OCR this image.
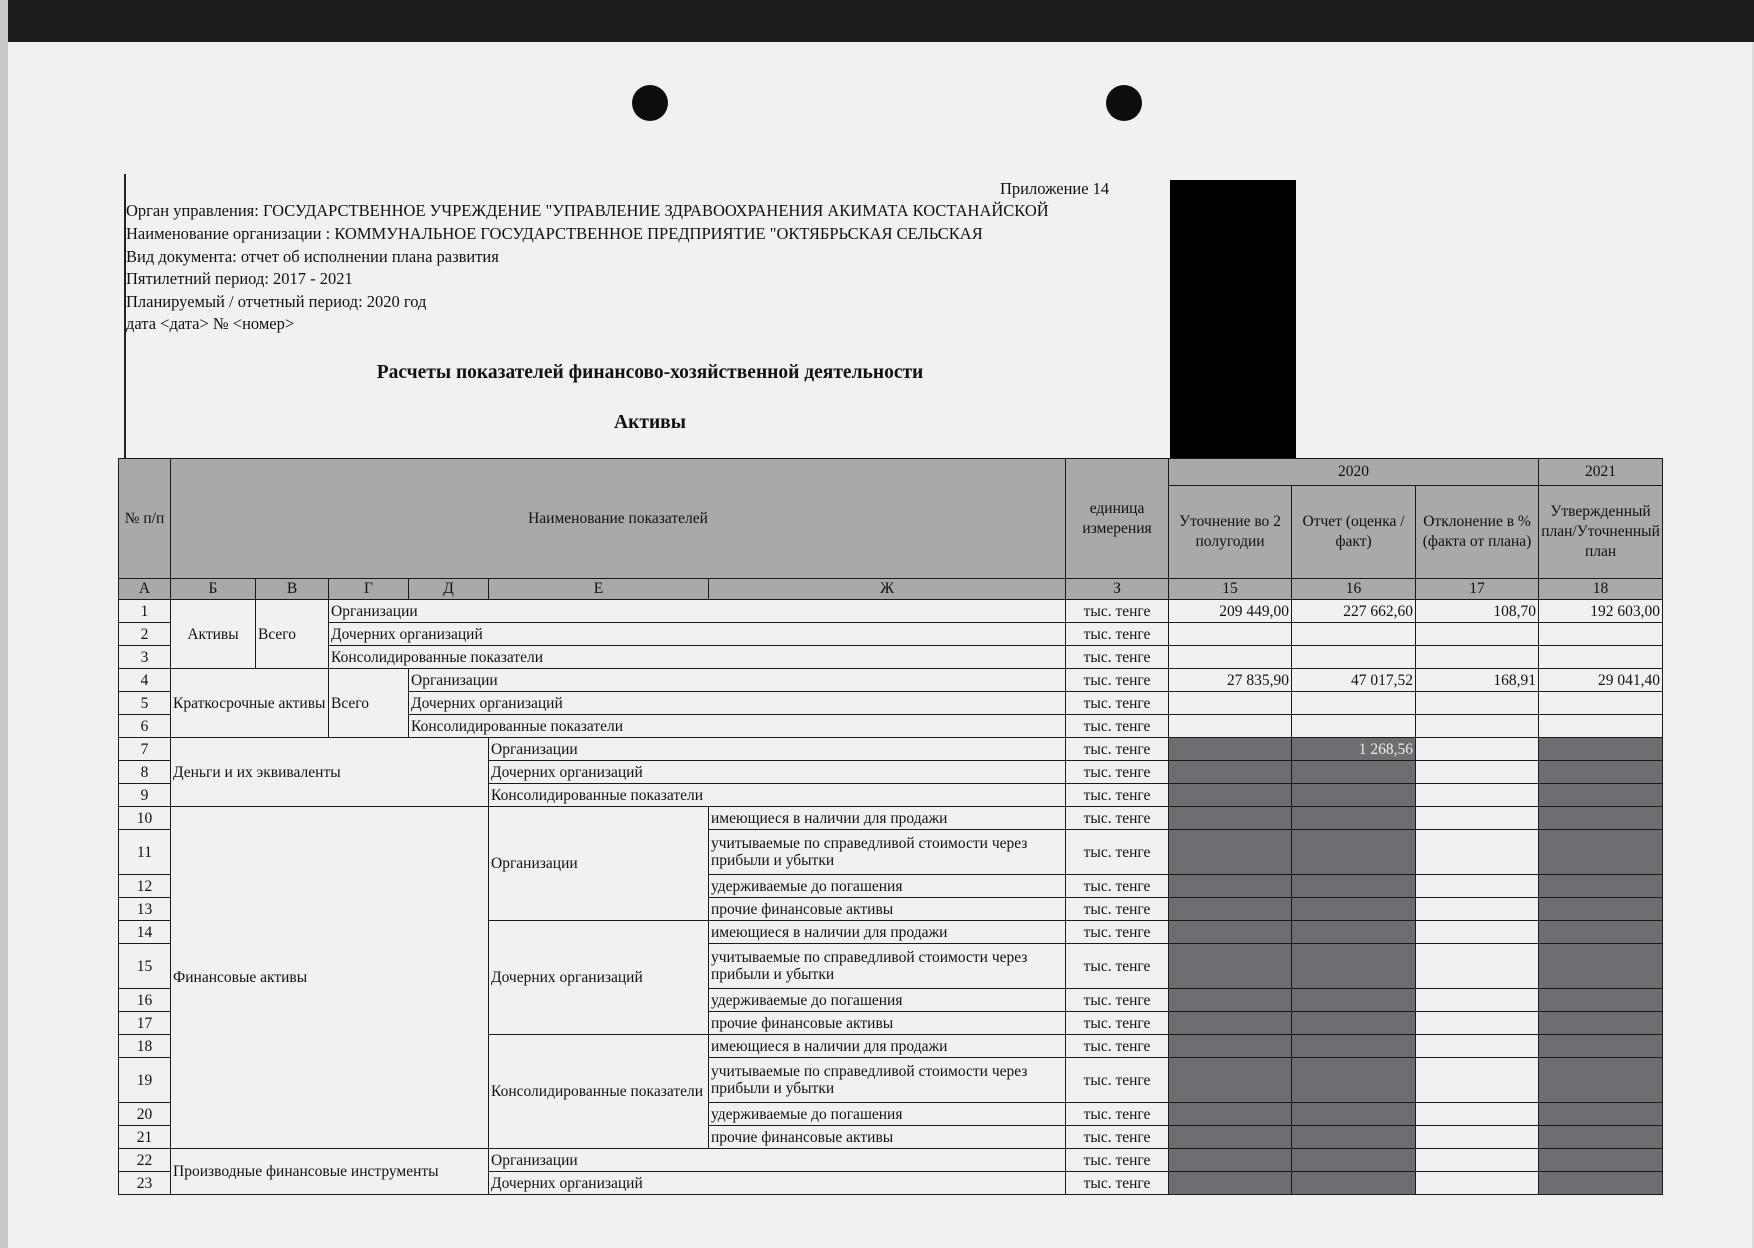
Приложение 14
Орган управления: ГОСУДАРСТВЕННОЕ УЧРЕЖДЕНИЕ "УПРАВЛЕНИЕ ЗДРАВООХРАНЕНИЯ АКИМАТА КОСТАНАЙСКОЙ
Наименование организации : КОММУНАЛЬНОЕ ГОСУДАРСТВЕННОЕ ПРЕДПРИЯТИЕ "ОКТЯБРЬСКАЯ СЕЛЬСКАЯ
Вид документа: отчет об исполнении плана развития
Пятилетний период: 2017 - 2021
Планируемый / отчетный период: 2020 год
дата <дата> № <номер>
Расчеты показателей финансово-хозяйственной деятельности
Активы
№ п/п	Наименование показателей						единица измерения	2020			2021
								Уточнение во 2 полугодии	Отчет (оценка / факт)	Отклонение в % (факта от плана)	Утвержденный план/Уточненный план
А	Б	В	Г	Д	Е	Ж	З	15	16	17	18
1	Активы	Всего	Организации				тыс. тенге	209 449,00	227 662,60	108,70	192 603,00
2			Дочерних организаций				тыс. тенге				
3			Консолидированные показатели				тыс. тенге				
4	Краткосрочные активы		Всего	Организации			тыс. тенге	27 835,90	47 017,52	168,91	29 041,40
5				Дочерних организаций			тыс. тенге				
6				Консолидированные показатели			тыс. тенге				
7	Деньги и их эквиваленты				Организации		тыс. тенге		1 268,56		
8					Дочерних организаций		тыс. тенге				
9					Консолидированные показатели		тыс. тенге				
10	Финансовые активы				Организации	имеющиеся в наличии для продажи	тыс. тенге				
11						учитываемые по справедливой стоимости через прибыли и убытки	тыс. тенге				
12						удерживаемые до погашения	тыс. тенге				
13						прочие финансовые активы	тыс. тенге				
14					Дочерних организаций	имеющиеся в наличии для продажи	тыс. тенге				
15						учитываемые по справедливой стоимости через прибыли и убытки	тыс. тенге				
16						удерживаемые до погашения	тыс. тенге				
17						прочие финансовые активы	тыс. тенге				
18					Консолидированные показатели	имеющиеся в наличии для продажи	тыс. тенге				
19						учитываемые по справедливой стоимости через прибыли и убытки	тыс. тенге				
20						удерживаемые до погашения	тыс. тенге				
21						прочие финансовые активы	тыс. тенге				
22	Производные финансовые инструменты				Организации		тыс. тенге				
23					Дочерних организаций		тыс. тенге				
